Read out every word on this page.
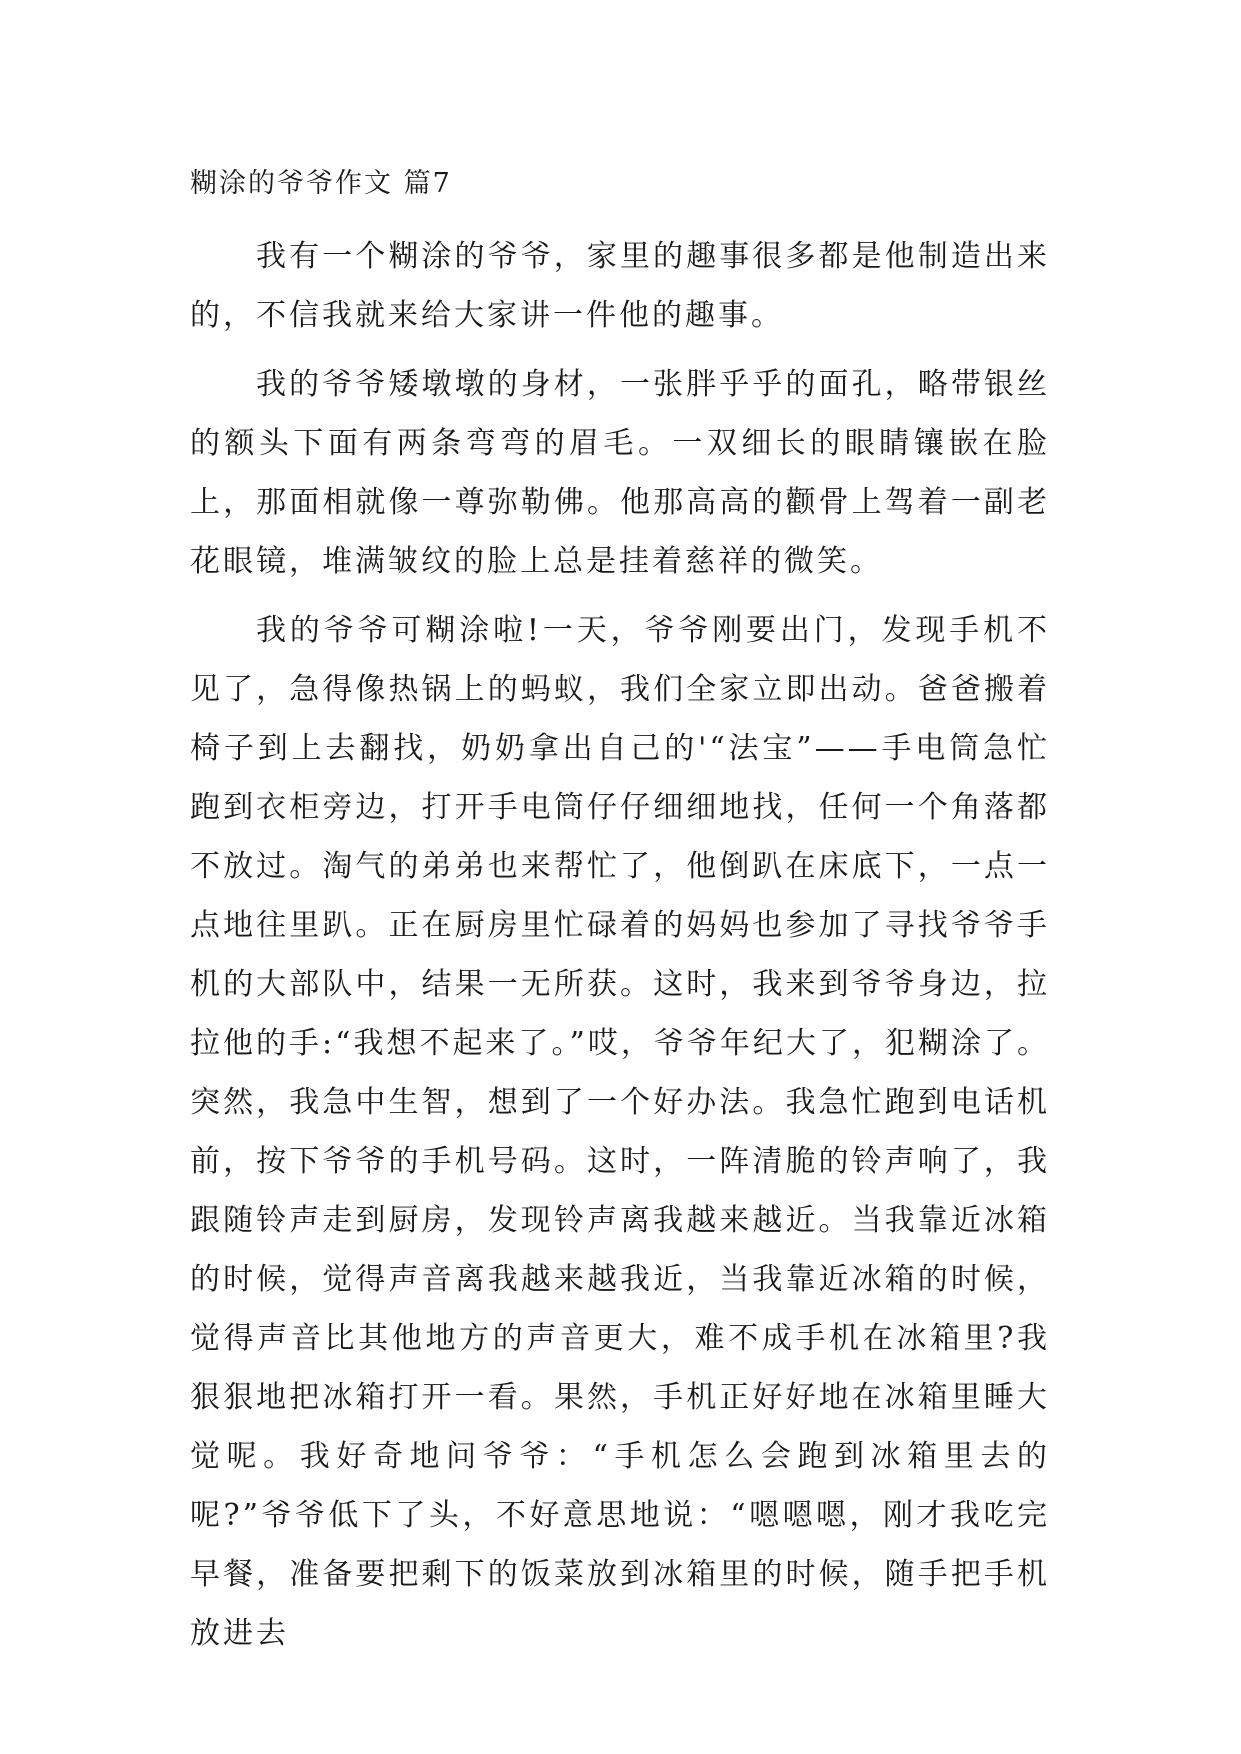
糊涂的爷爷作文 篇7

我有一个糊涂的爷爷，家里的趣事很多都是他制造出来的，不信我就来给大家讲一件他的趣事。

我的爷爷矮墩墩的身材，一张胖乎乎的面孔，略带银丝的额头下面有两条弯弯的眉毛。一双细长的眼睛镶嵌在脸上，那面相就像一尊弥勒佛。他那高高的颧骨上驾着一副老花眼镜，堆满皱纹的脸上总是挂着慈祥的微笑。

我的爷爷可糊涂啦!一天，爷爷刚要出门，发现手机不见了，急得像热锅上的蚂蚁，我们全家立即出动。爸爸搬着椅子到上去翻找，奶奶拿出自己的'“法宝”——手电筒急忙跑到衣柜旁边，打开手电筒仔仔细细地找，任何一个角落都不放过。淘气的弟弟也来帮忙了，他倒趴在床底下，一点一点地往里趴。正在厨房里忙碌着的妈妈也参加了寻找爷爷手机的大部队中，结果一无所获。这时，我来到爷爷身边，拉拉他的手:“我想不起来了。”哎，爷爷年纪大了，犯糊涂了。突然，我急中生智，想到了一个好办法。我急忙跑到电话机前，按下爷爷的手机号码。这时，一阵清脆的铃声响了，我跟随铃声走到厨房，发现铃声离我越来越近。当我靠近冰箱的时候，觉得声音离我越来越我近，当我靠近冰箱的时候，觉得声音比其他地方的声音更大，难不成手机在冰箱里?我狠狠地把冰箱打开一看。果然，手机正好好地在冰箱里睡大觉呢。我好奇地问爷爷：“手机怎么会跑到冰箱里去的呢?”爷爷低下了头，不好意思地说：“嗯嗯嗯，刚才我吃完早餐，准备要把剩下的饭菜放到冰箱里的时候，随手把手机放进去
